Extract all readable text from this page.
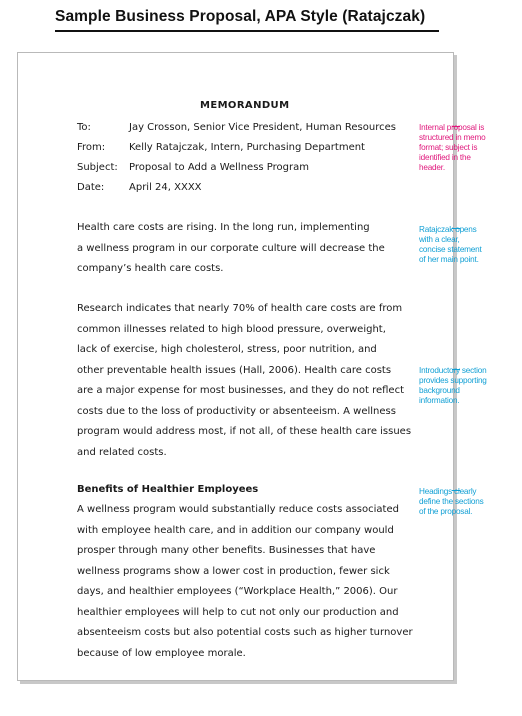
Sample Business Proposal, APA Style (Ratajczak)
MEMORANDUM
To:	Jay Crosson, Senior Vice President, Human Resources
From: Kelly Ratajczak, Intern, Purchasing Department
Subject: Proposal to Add a Wellness Program
Date: April 24, XXXX
Health care costs are rising. In the long run, implementing
a wellness program in our corporate culture will decrease the
company’s health care costs.
Research indicates that nearly 70% of health care costs are from
common illnesses related to high blood pressure, overweight,
lack of exercise, high cholesterol, stress, poor nutrition, and
other preventable health issues (Hall, 2006). Health care costs
are a major expense for most businesses, and they do not reflect
costs due to the loss of productivity or absenteeism. A wellness
program would address most, if not all, of these health care issues
and related costs.
Benefits of Healthier Employees
A wellness program would substantially reduce costs associated
with employee health care, and in addition our company would
prosper through many other benefits. Businesses that have
wellness programs show a lower cost in production, fewer sick
days, and healthier employees (“Workplace Health,” 2006). Our
healthier employees will help to cut not only our production and
absenteeism costs but also potential costs such as higher turnover
because of low employee morale.
Internal proposal is
structured in memo
format; subject is
identified in the
header.
Ratajczak opens
with a clear,
concise statement
of her main point.
Introductory section
provides supporting
background
information.
Headings clearly
define the sections
of the proposal.
